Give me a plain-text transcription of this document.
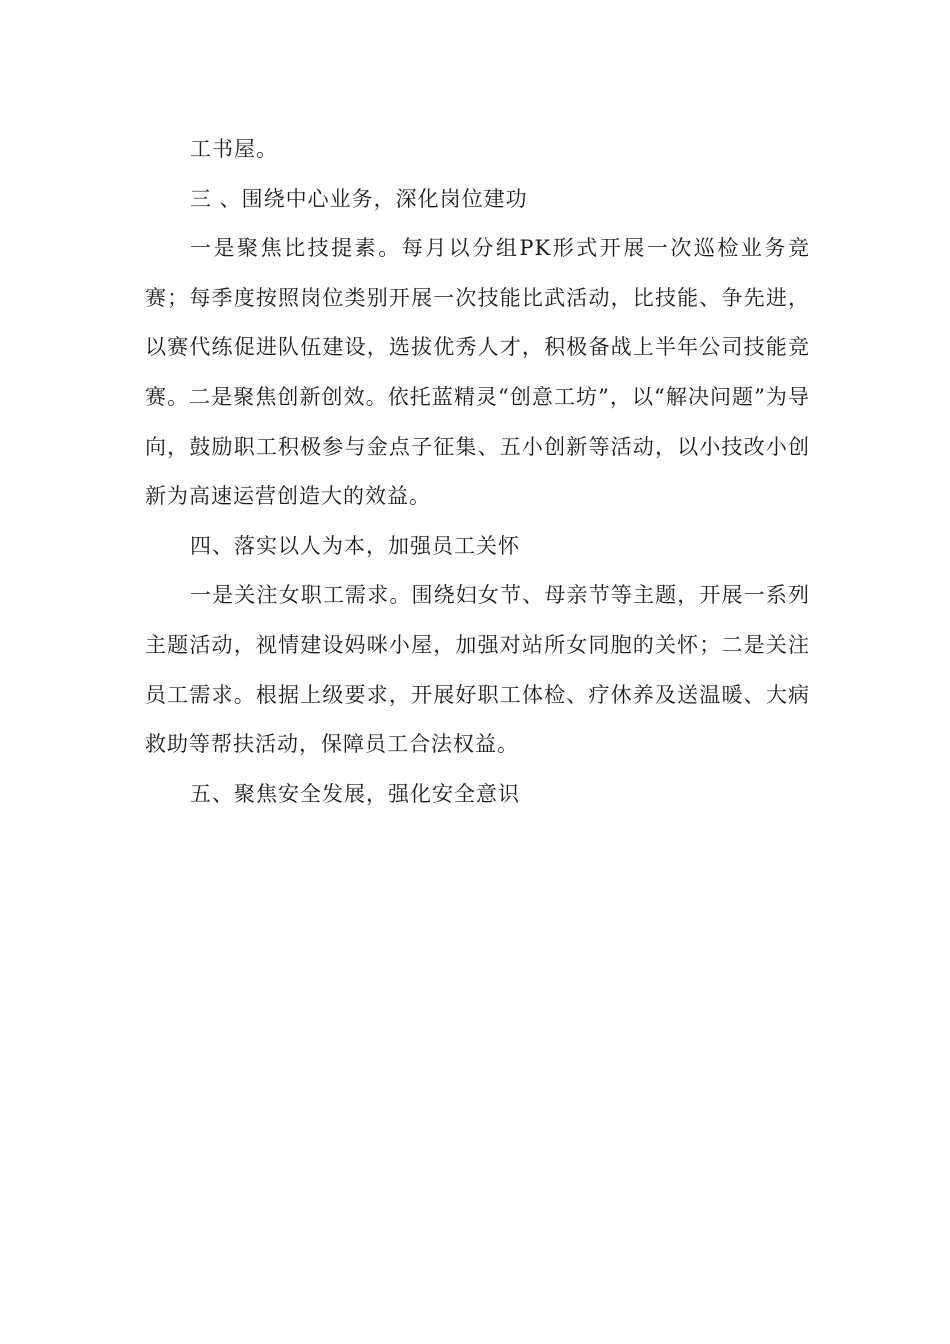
工书屋。

三 、围绕中心业务，深化岗位建功

一是聚焦比技提素。每月以分组PK形式开展一次巡检业务竞赛；每季度按照岗位类别开展一次技能比武活动，比技能、争先进，以赛代练促进队伍建设，选拔优秀人才，积极备战上半年公司技能竞赛。二是聚焦创新创效。依托蓝精灵“创意工坊”，以“解决问题”为导向，鼓励职工积极参与金点子征集、五小创新等活动，以小技改小创新为高速运营创造大的效益。

四、落实以人为本，加强员工关怀

一是关注女职工需求。围绕妇女节、母亲节等主题，开展一系列主题活动，视情建设妈咪小屋，加强对站所女同胞的关怀；二是关注员工需求。根据上级要求，开展好职工体检、疗休养及送温暖、大病救助等帮扶活动，保障员工合法权益。

五、聚焦安全发展，强化安全意识
